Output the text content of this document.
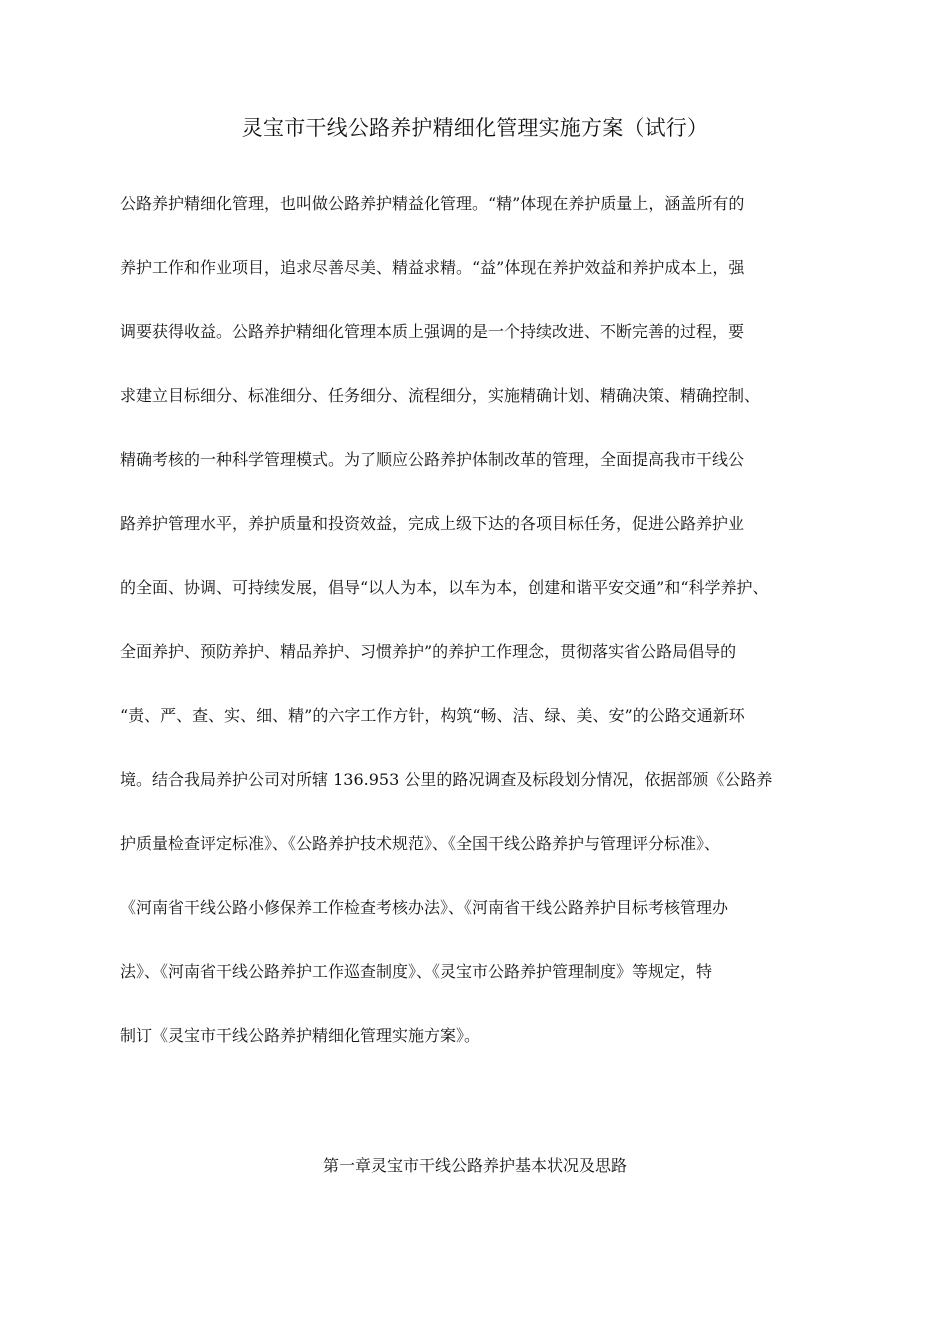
灵宝市干线公路养护精细化管理实施方案（试行）
公路养护精细化管理，也叫做公路养护精益化管理。“精”体现在养护质量上，涵盖所有的
养护工作和作业项目，追求尽善尽美、精益求精。“益”体现在养护效益和养护成本上，强
调要获得收益。公路养护精细化管理本质上强调的是一个持续改进、不断完善的过程，要
求建立目标细分、标准细分、任务细分、流程细分，实施精确计划、精确决策、精确控制、
精确考核的一种科学管理模式。为了顺应公路养护体制改革的管理，全面提高我市干线公
路养护管理水平，养护质量和投资效益，完成上级下达的各项目标任务，促进公路养护业
的全面、协调、可持续发展，倡导“以人为本，以车为本，创建和谐平安交通”和“科学养护、
全面养护、预防养护、精品养护、习惯养护”的养护工作理念，贯彻落实省公路局倡导的
“责、严、查、实、细、精”的六字工作方针，构筑“畅、洁、绿、美、安”的公路交通新环
境。结合我局养护公司对所辖 136.953 公里的路况调查及标段划分情况，依据部颁《公路养
护质量检查评定标准》、《公路养护技术规范》、《全国干线公路养护与管理评分标准》、
《河南省干线公路小修保养工作检查考核办法》、《河南省干线公路养护目标考核管理办
法》、《河南省干线公路养护工作巡查制度》、《灵宝市公路养护管理制度》等规定，特
制订《灵宝市干线公路养护精细化管理实施方案》。
第一章灵宝市干线公路养护基本状况及思路
